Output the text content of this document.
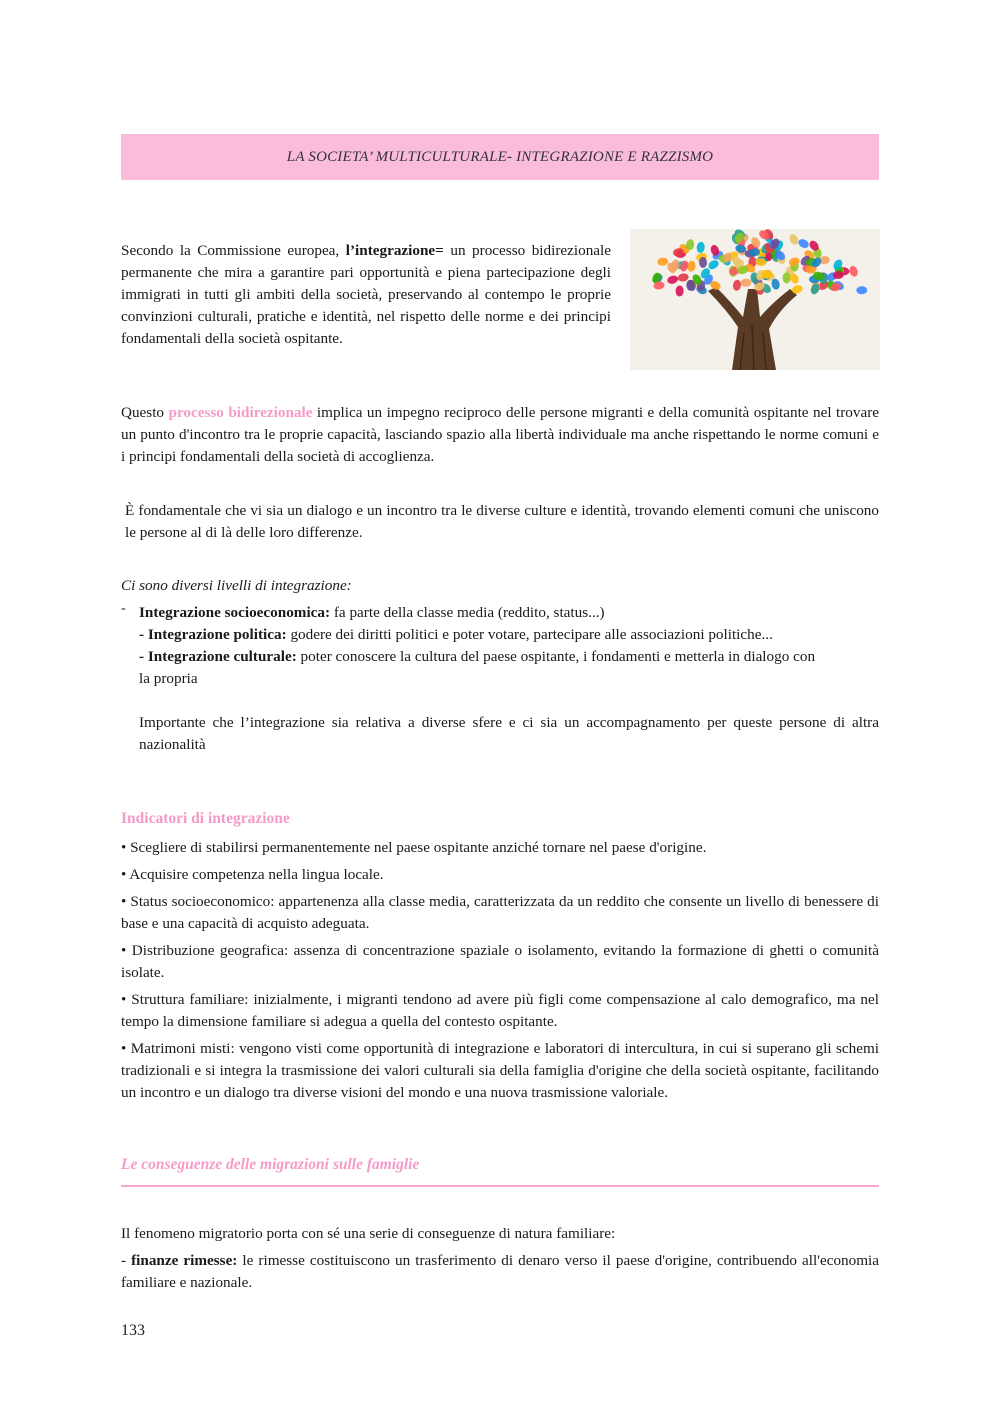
LA SOCIETA’ MULTICULTURALE- INTEGRAZIONE E RAZZISMO

Secondo la Commissione europea, l’integrazione= un processo bidirezionale permanente che mira a garantire pari opportunità e piena partecipazione degli immigrati in tutti gli ambiti della società, preservando al contempo le proprie convinzioni culturali, pratiche e identità, nel rispetto delle norme e dei principi fondamentali della società ospitante.

Questo processo bidirezionale implica un impegno reciproco delle persone migranti e della comunità ospitante nel trovare un punto d'incontro tra le proprie capacità, lasciando spazio alla libertà individuale ma anche rispettando le norme comuni e i principi fondamentali della società di accoglienza.

È fondamentale che vi sia un dialogo e un incontro tra le diverse culture e identità, trovando elementi comuni che uniscono le persone al di là delle loro differenze.

Ci sono diversi livelli di integrazione:
- Integrazione socioeconomica: fa parte della classe media (reddito, status...)

- Integrazione politica: godere dei diritti politici e poter votare, partecipare alle associazioni politiche...

- Integrazione culturale: poter conoscere la cultura del paese ospitante, i fondamenti e metterla in dialogo con

la propria

Importante che l’integrazione sia relativa a diverse sfere e ci sia un accompagnamento per queste persone di altra nazionalità

Indicatori di integrazione

• Scegliere di stabilirsi permanentemente nel paese ospitante anziché tornare nel paese d'origine.

• Acquisire competenza nella lingua locale.

• Status socioeconomico: appartenenza alla classe media, caratterizzata da un reddito che consente un livello di benessere di base e una capacità di acquisto adeguata.

• Distribuzione geografica: assenza di concentrazione spaziale o isolamento, evitando la formazione di ghetti o comunità isolate.

• Struttura familiare: inizialmente, i migranti tendono ad avere più figli come compensazione al calo demografico, ma nel tempo la dimensione familiare si adegua a quella del contesto ospitante.

• Matrimoni misti: vengono visti come opportunità di integrazione e laboratori di intercultura, in cui si superano gli schemi tradizionali e si integra la trasmissione dei valori culturali sia della famiglia d'origine che della società ospitante, facilitando un incontro e un dialogo tra diverse visioni del mondo e una nuova trasmissione valoriale.

Le conseguenze delle migrazioni sulle famiglie

Il fenomeno migratorio porta con sé una serie di conseguenze di natura familiare:

- finanze rimesse: le rimesse costituiscono un trasferimento di denaro verso il paese d'origine, contribuendo all'economia familiare e nazionale.

133
